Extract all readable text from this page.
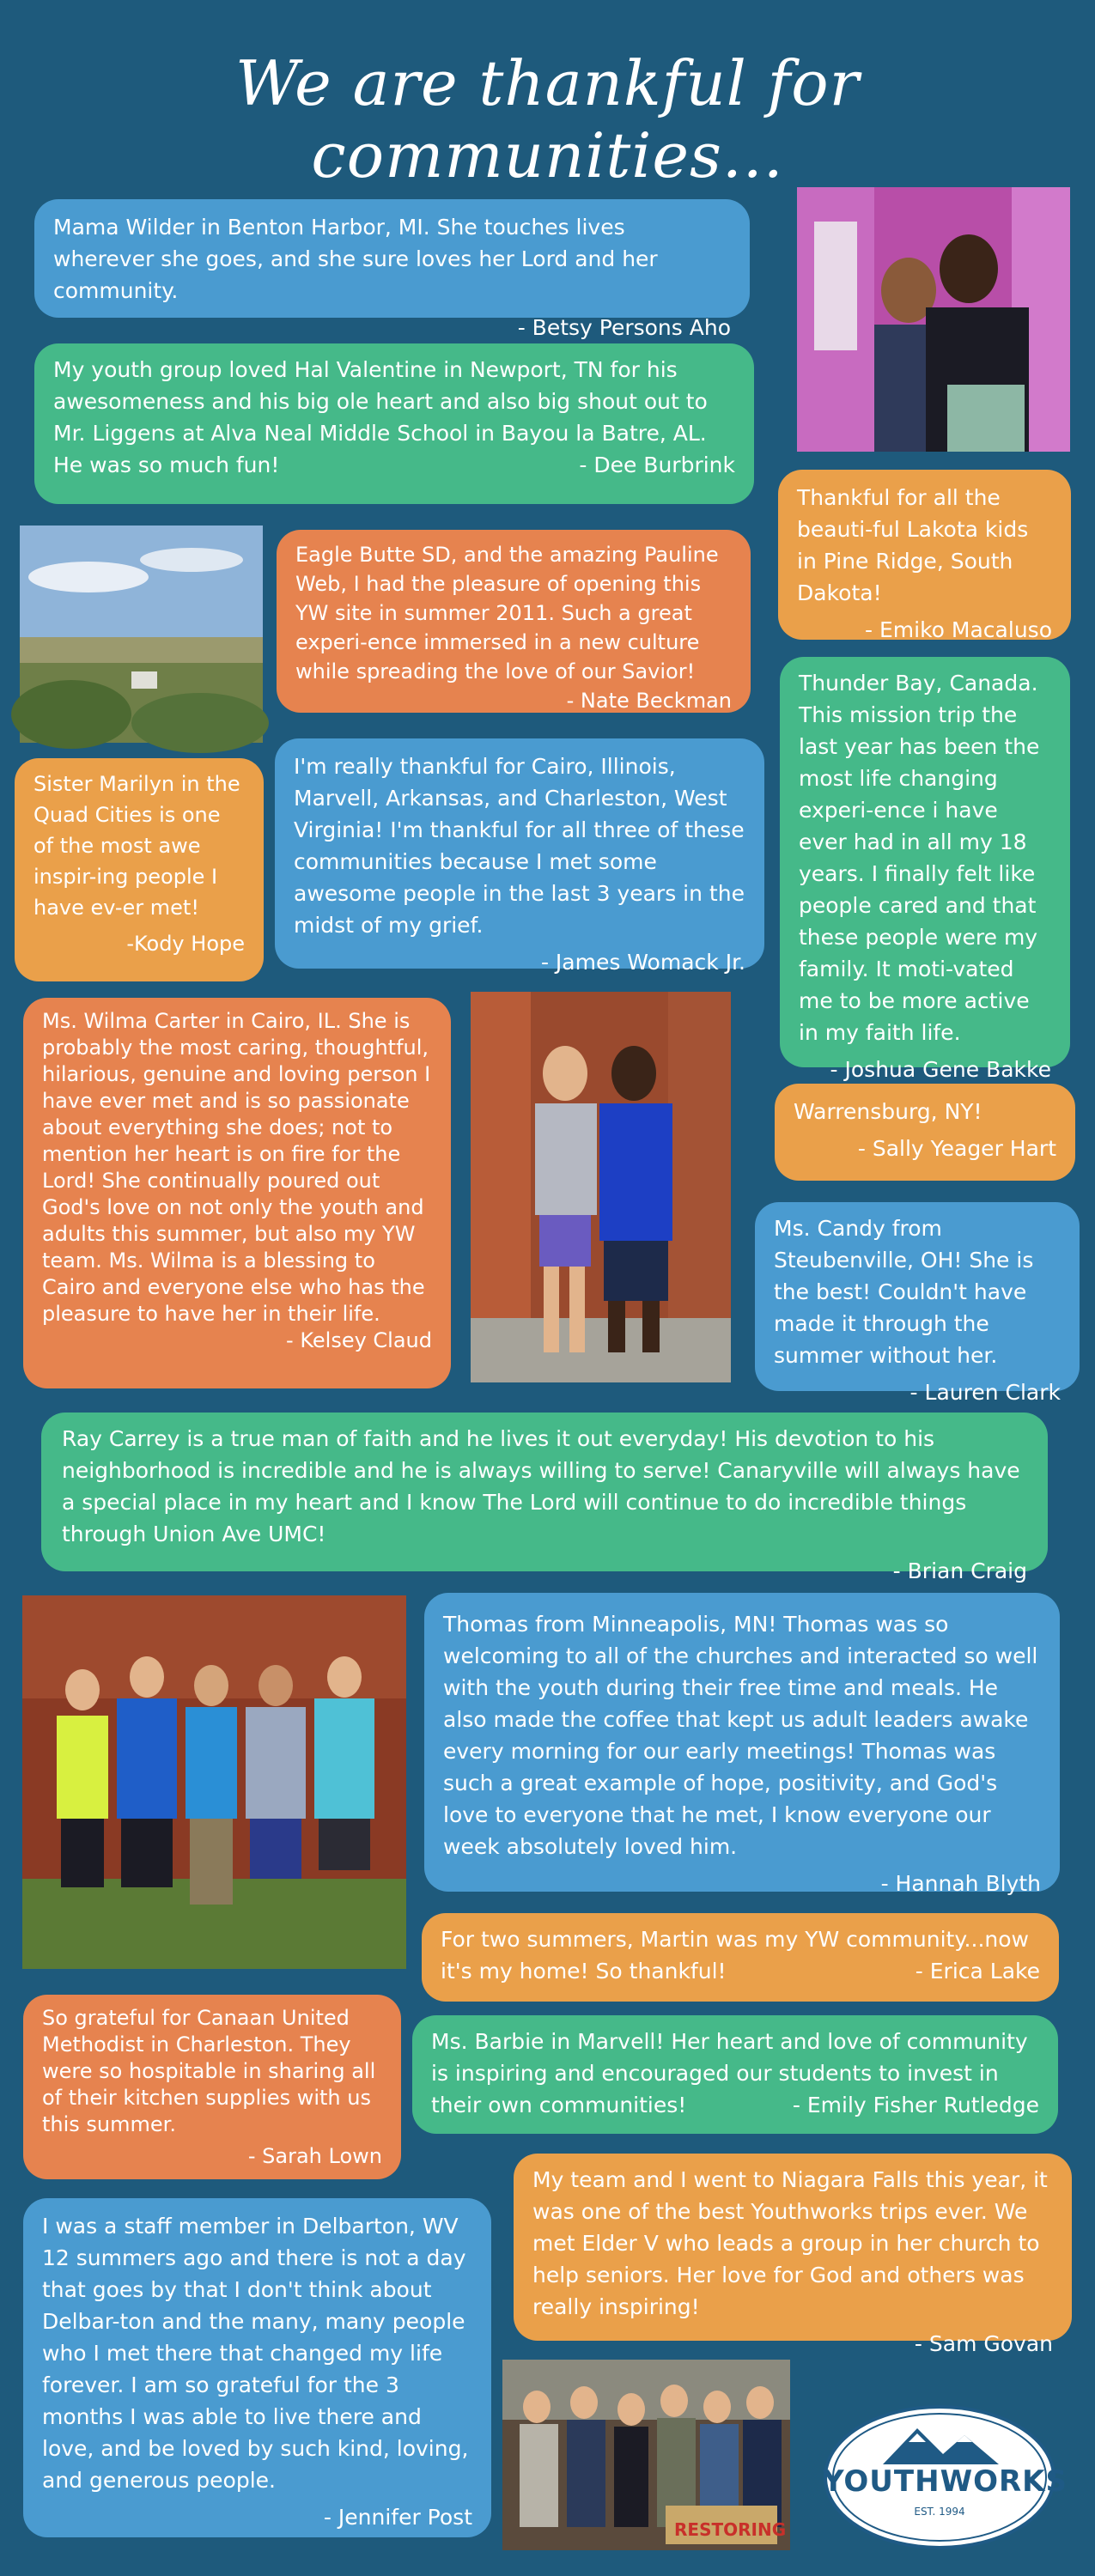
We are thankful for communities...
Mama Wilder in Benton Harbor, MI. She touches lives wherever she goes, and she sure loves her Lord and her community.
- Betsy Persons Aho
My youth group loved Hal Valentine in Newport, TN for his awesomeness and his big ole heart and also big shout out to Mr. Liggens at Alva Neal Middle School in Bayou la Batre, AL. He was so much fun!	- Dee Burbrink
Thankful for all the beauti-ful Lakota kids in Pine Ridge, South Dakota!
- Emiko Macaluso
Eagle Butte SD, and the amazing Pauline Web, I had the pleasure of opening this YW site in summer 2011. Such a great experi-ence immersed in a new culture while spreading the love of our Savior!
- Nate Beckman
Sister Marilyn in the Quad Cities is one of the most awe inspir-ing people I have ev-er met!
-Kody Hope
I'm really thankful for Cairo, Illinois, Marvell, Arkansas, and Charleston, West Virginia! I'm thankful for all three of these communities because I met some awesome people in the last 3 years in the midst of my grief.
- James Womack Jr.
Thunder Bay, Canada. This mission trip the last year has been the most life changing experi-ence i have ever had in all my 18 years. I finally felt like people cared and that these people were my family. It moti-vated me to be more active in my faith life.
- Joshua Gene Bakke
Ms. Wilma Carter in Cairo, IL. She is probably the most caring, thoughtful, hilarious, genuine and loving person I have ever met and is so passionate about everything she does; not to mention her heart is on fire for the Lord! She continually poured out God's love on not only the youth and adults this summer, but also my YW team. Ms. Wilma is a blessing to Cairo and everyone else who has the pleasure to have her in their life.
- Kelsey Claud
Warrensburg, NY!
- Sally Yeager Hart
Ms. Candy from Steubenville, OH! She is the best! Couldn't have made it through the summer without her.
- Lauren Clark
Ray Carrey is a true man of faith and he lives it out everyday! His devotion to his neighborhood is incredible and he is always willing to serve! Canaryville will always have a special place in my heart and I know The Lord will continue to do incredible things through Union Ave UMC!
- Brian Craig
Thomas from Minneapolis, MN! Thomas was so welcoming to all of the churches and interacted so well with the youth during their free time and meals. He also made the coffee that kept us adult leaders awake every morning for our early meetings! Thomas was such a great example of hope, positivity, and God's love to everyone that he met, I know everyone our week absolutely loved him.
- Hannah Blyth
For two summers, Martin was my YW community...now it's my home! So thankful!	- Erica Lake
So grateful for Canaan United Methodist in Charleston. They were so hospitable in sharing all of their kitchen supplies with us this summer.
- Sarah Lown
Ms. Barbie in Marvell! Her heart and love of community is inspiring and encouraged our students to invest in their own communities!	- Emily Fisher Rutledge
My team and I went to Niagara Falls this year, it was one of the best Youthworks trips ever. We met Elder V who leads a group in her church to help seniors. Her love for God and others was really inspiring!
- Sam Govan
I was a staff member in Delbarton, WV 12 summers ago and there is not a day that goes by that I don't think about Delbar-ton and the many, many people who I met there that changed my life forever. I am so grateful for the 3 months I was able to live there and love, and be loved by such kind, loving, and generous people.
- Jennifer Post	RESTORING
YOUTHWORKS
EST. 1994
